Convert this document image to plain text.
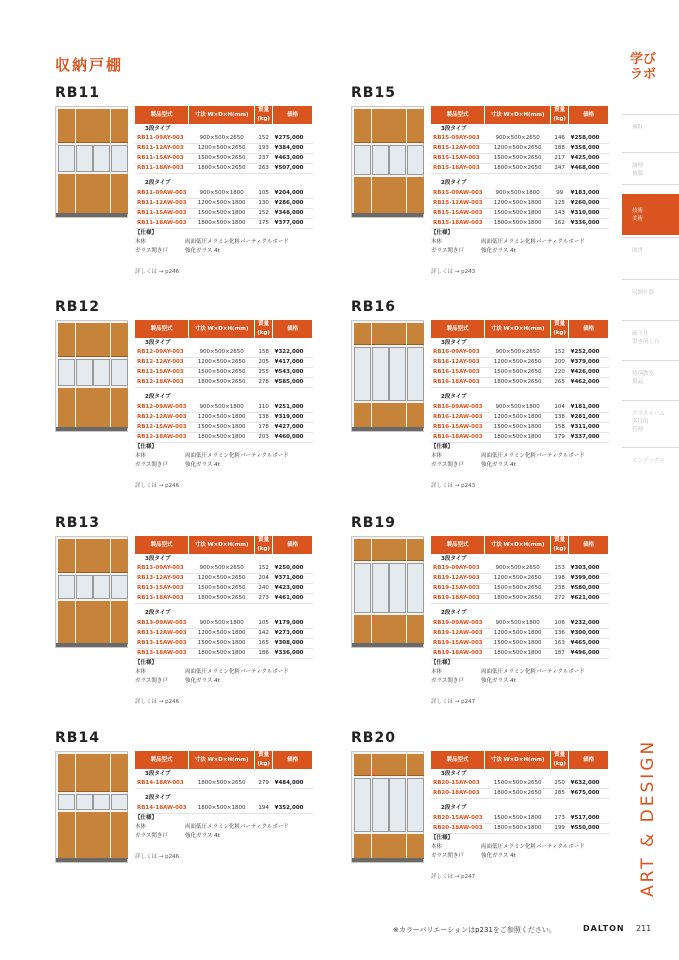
収納戸棚
RB11
製品型式	寸法 W×D×H(mm)	質量(kg)	価格
3段タイプ			
RB11-09AY-003	900×500×2650	152	¥275,000
RB11-12AY-003	1200×500×2650	193	¥384,000
RB11-15AY-003	1500×500×2650	237	¥463,000
RB11-18AY-003	1800×500×2650	263	¥507,000

2段タイプ			
RB11-09AW-003	900×500×1800	105	¥204,000
RB11-12AW-003	1200×500×1800	130	¥286,000
RB11-15AW-003	1500×500×1800	152	¥348,000
RB11-18AW-003	1800×500×1800	175	¥377,000
【仕様】
本体	両面低圧メラミン化粧パーティクルボード
ガラス開き戸	強化ガラス 4t
詳しくは → p246
RB15
製品型式	寸法 W×D×H(mm)	質量(kg)	価格
3段タイプ			
RB15-09AY-003	900×500×2650	146	¥258,000
RB15-12AY-003	1200×500×2650	188	¥358,000
RB15-15AY-003	1500×500×2650	217	¥425,000
RB15-18AY-003	1800×500×2650	247	¥468,000

2段タイプ			
RB15-09AW-003	900×500×1800	99	¥183,000
RB15-12AW-003	1200×500×1800	125	¥260,000
RB15-15AW-003	1500×500×1800	143	¥310,000
RB15-18AW-003	1800×500×1800	162	¥336,000
【仕様】
本体	両面低圧メラミン化粧パーティクルボード
ガラス開き戸	強化ガラス 4t
詳しくは → p243
RB12
製品型式	寸法 W×D×H(mm)	質量(kg)	価格
3段タイプ			
RB12-09AY-003	900×500×2650	158	¥322,000
RB12-12AY-003	1200×500×2650	205	¥417,000
RB12-15AY-003	1500×500×2650	255	¥543,000
RB12-18AY-003	1800×500×2650	278	¥585,000

2段タイプ			
RB12-09AW-003	900×500×1800	110	¥251,000
RB12-12AW-003	1200×500×1800	138	¥319,000
RB12-15AW-003	1500×500×1800	178	¥427,000
RB12-18AW-003	1800×500×1800	203	¥460,000
【仕様】
本体	両面低圧メラミン化粧パーティクルボード
ガラス開き戸	強化ガラス 4t
詳しくは → p246
RB16
製品型式	寸法 W×D×H(mm)	質量(kg)	価格
3段タイプ			
RB16-09AY-003	900×500×2650	152	¥252,000
RB16-12AY-003	1200×500×2650	200	¥379,000
RB16-15AY-003	1500×500×2650	220	¥426,000
RB16-18AY-003	1800×500×2650	265	¥462,000

2段タイプ			
RB16-09AW-003	900×500×1800	104	¥181,000
RB16-12AW-003	1200×500×1800	138	¥281,000
RB16-15AW-003	1500×500×1800	158	¥311,000
RB16-18AW-003	1800×500×1800	179	¥337,000
【仕様】
本体	両面低圧メラミン化粧パーティクルボード
ガラス開き戸	強化ガラス 4t
詳しくは → p243
RB13
製品型式	寸法 W×D×H(mm)	質量(kg)	価格
3段タイプ			
RB13-09AY-003	900×500×2650	152	¥250,000
RB13-12AY-003	1200×500×2650	204	¥371,000
RB13-15AY-003	1500×500×2650	240	¥423,000
RB13-18AY-003	1800×500×2650	273	¥461,000

2段タイプ			
RB13-09AW-003	900×500×1800	105	¥179,000
RB13-12AW-003	1200×500×1800	142	¥273,000
RB13-15AW-003	1500×500×1800	165	¥308,000
RB13-18AW-003	1800×500×1800	186	¥336,000
【仕様】
本体	両面低圧メラミン化粧パーティクルボード
ガラス開き戸	強化ガラス 4t
詳しくは → p246
RB19
製品型式	寸法 W×D×H(mm)	質量(kg)	価格
3段タイプ			
RB19-09AY-003	900×500×2650	153	¥303,000
RB19-12AY-003	1200×500×2650	198	¥399,000
RB19-15AY-003	1500×500×2650	238	¥580,000
RB19-18AY-003	1800×500×2650	272	¥621,000

2段タイプ			
RB19-09AW-003	900×500×1800	106	¥232,000
RB19-12AW-003	1200×500×1800	136	¥300,000
RB19-15AW-003	1500×500×1800	163	¥465,000
RB19-18AW-003	1800×500×1800	187	¥496,000
【仕様】
本体	両面低圧メラミン化粧パーティクルボード
ガラス開き戸	強化ガラス 4t
詳しくは → p247
RB14
製品型式	寸法 W×D×H(mm)	質量(kg)	価格
3段タイプ			
RB14-18AY-003	1800×500×2650	279	¥484,000

2段タイプ			
RB14-18AW-003	1800×500×1800	194	¥352,000
【仕様】
本体	両面低圧メラミン化粧パーティクルボード
ガラス開き戸	強化ガラス 4t
詳しくは → p246
RB20
製品型式	寸法 W×D×H(mm)	質量(kg)	価格
3段タイプ			
RB20-15AY-003	1500×500×2650	250	¥632,000
RB20-18AY-003	1800×500×2650	285	¥675,000

2段タイプ			
RB20-15AW-003	1500×500×1800	173	¥517,000
RB20-18AW-003	1800×500×1800	199	¥550,000
【仕様】
本体	両面低圧メラミン化粧パーティクルボード
ガラス開き戸	強化ガラス 4t
詳しくは → p247
学び
ラボ
理科
調理
被服
技術
美術
図書
収納什器
廊下仕
置き流し台
特別教室
備品
クラスルーム
多目的
管理
インデックス
ART & DESIGN
※カラーバリエーションはp231をご参照ください。	DALTON 211
